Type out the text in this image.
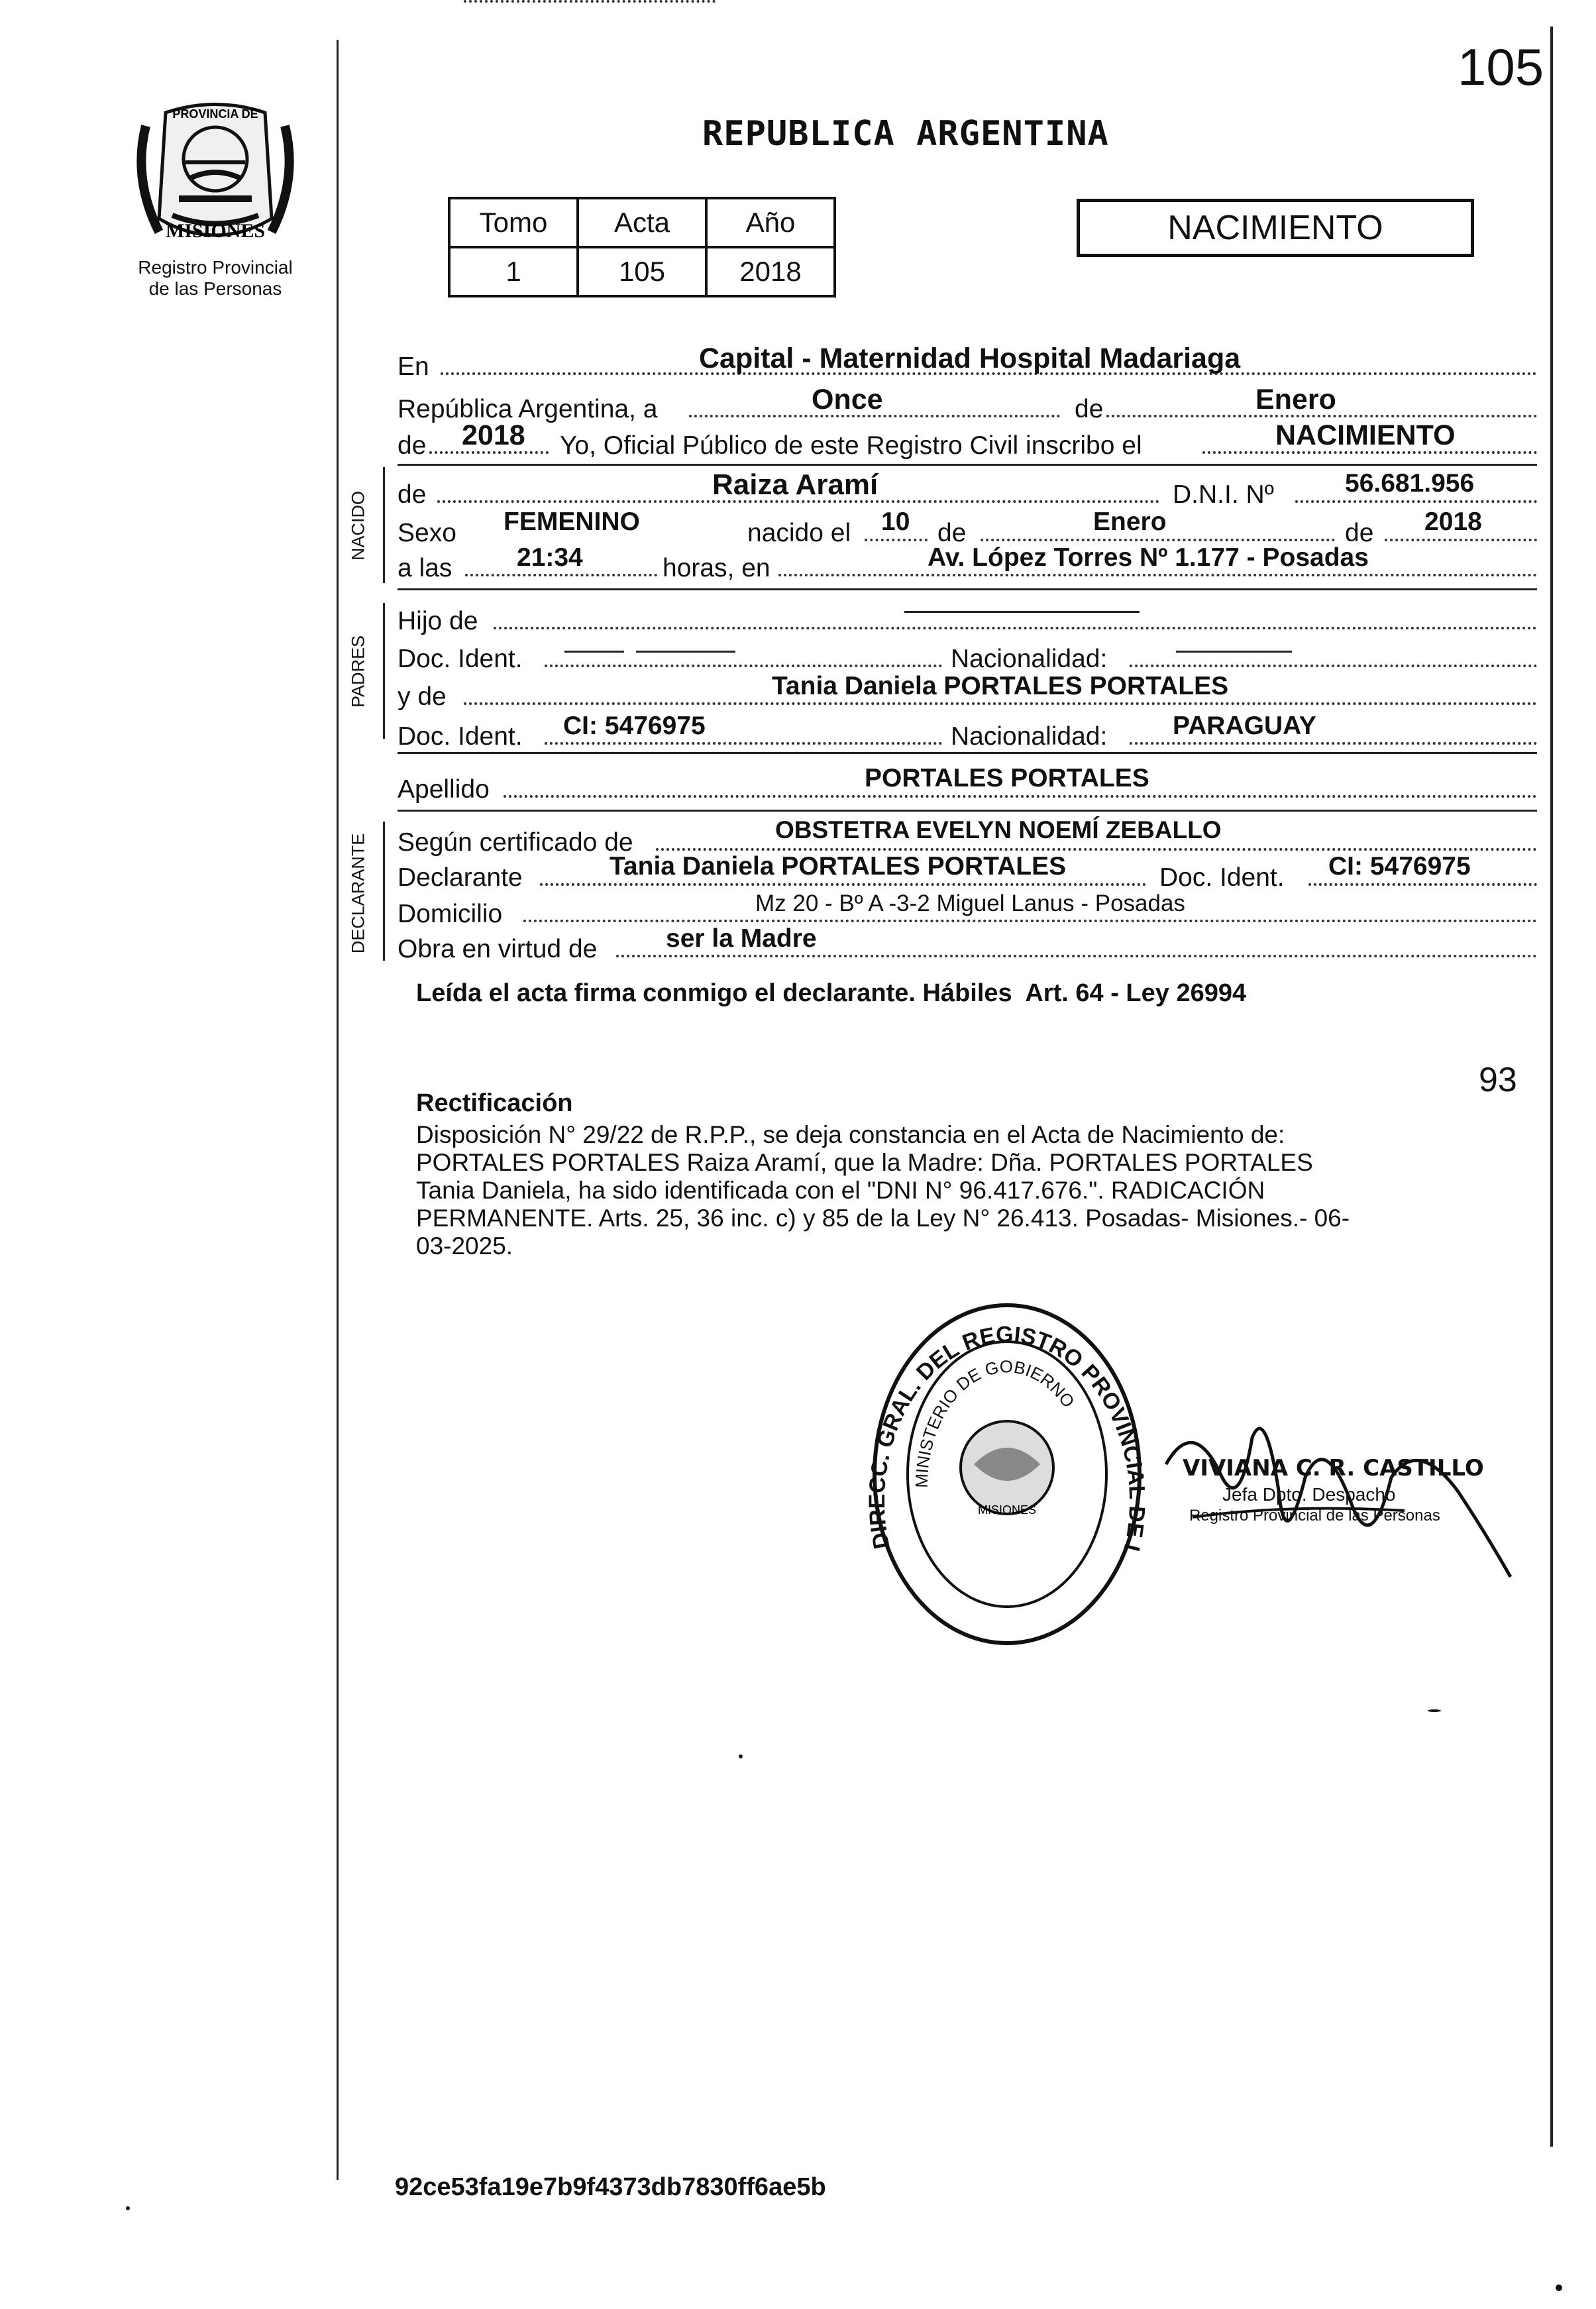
105
PROVINCIA DE
MISIONES
Registro Provincial
de las Personas
REPUBLICA ARGENTINA
Tomo	Acta	Año
1	105	2018
NACIMIENTO
NACIDO
PADRES
DECLARANTE
En	Capital - Maternidad Hospital Madariaga
República Argentina, a	Once	de	Enero
de 2018 Yo, Oficial Público de este Registro Civil inscribo el	NACIMIENTO
de	Raiza Aramí	D.N.I. Nº	56.681.956
Sexo FEMENINO	nacido el 10 de	Enero	de 2018
a las	21:34	horas, en	Av. López Torres Nº 1.177 - Posadas
Hijo de
Doc. Ident.	Nacionalidad:
y de	Tania Daniela PORTALES PORTALES
Doc. Ident. CI: 5476975	Nacionalidad:	PARAGUAY
Apellido	PORTALES PORTALES
Según certificado de	OBSTETRA EVELYN NOEMÍ ZEBALLO
Declarante	Tania Daniela PORTALES PORTALES	Doc. Ident. CI: 5476975
Domicilio	Mz 20 - Bº A -3-2 Miguel Lanus - Posadas
Obra en virtud de	ser la Madre
Leída el acta firma conmigo el declarante. Hábiles  Art. 64 - Ley 26994
93
Rectificación
Disposición N° 29/22 de R.P.P., se deja constancia en el Acta de Nacimiento de:
PORTALES PORTALES Raiza Aramí, que la Madre: Dña. PORTALES PORTALES
Tania Daniela, ha sido identificada con el "DNI N° 96.417.676.". RADICACIÓN
PERMANENTE. Arts. 25, 36 inc. c) y 85 de la Ley N° 26.413. Posadas- Misiones.- 06-
03-2025.
DI C. GRAL. DEL REGISTRO PROVINCI E L
MINISTERIO DE GOBIERNO
MISIONES
VIVIANA C. R. CASTILLO
Jefa Dpto. Despacho
Registro Provincial de las Personas
92ce53fa19e7b9f4373db7830ff6ae5b
